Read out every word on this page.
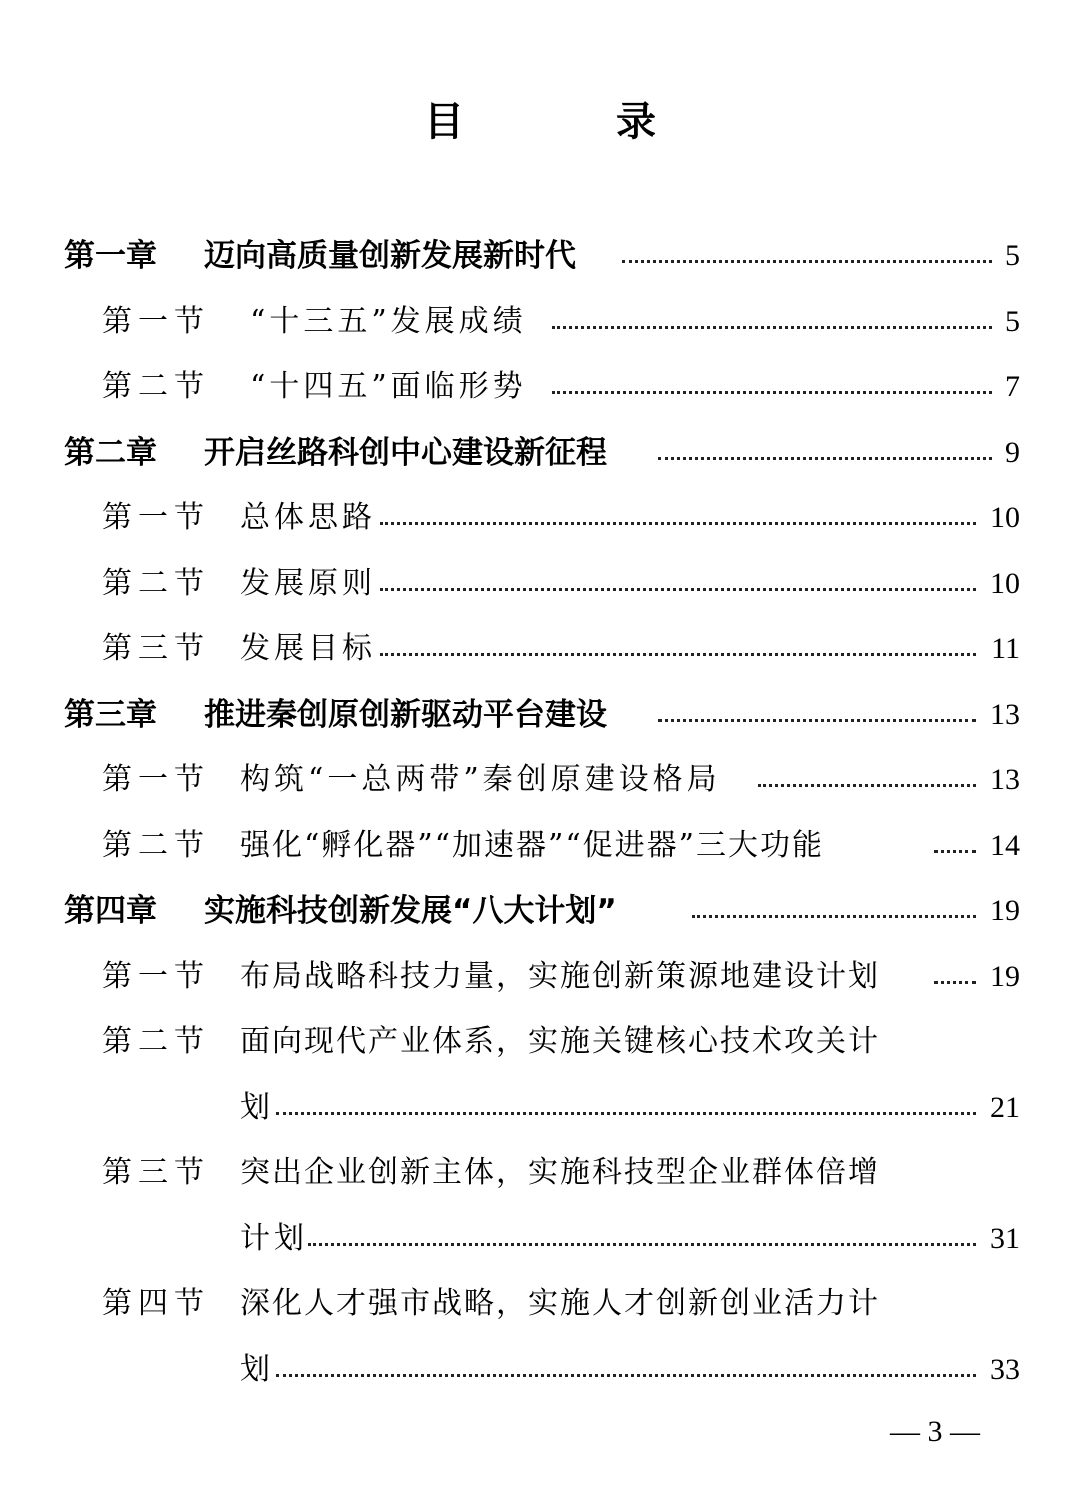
目　录
第一章 迈向高质量创新发展新时代	5
第一节 “十三五”发展成绩	5
第二节 “十四五”面临形势	7
第二章 开启丝路科创中心建设新征程	9
第一节 总体思路	10
第二节 发展原则	10
第三节 发展目标	11
第三章 推进秦创原创新驱动平台建设	13
第一节 构筑“一总两带”秦创原建设格局	13
第二节 强化“孵化器”“加速器”“促进器”三大功能	14
第四章 实施科技创新发展“八大计划”	19
第一节 布局战略科技力量，实施创新策源地建设计划	19
第二节 面向现代产业体系，实施关键核心技术攻关计
划	21
第三节 突出企业创新主体，实施科技型企业群体倍增
计划	31
第四节 深化人才强市战略，实施人才创新创业活力计
划	33
— 3 —
